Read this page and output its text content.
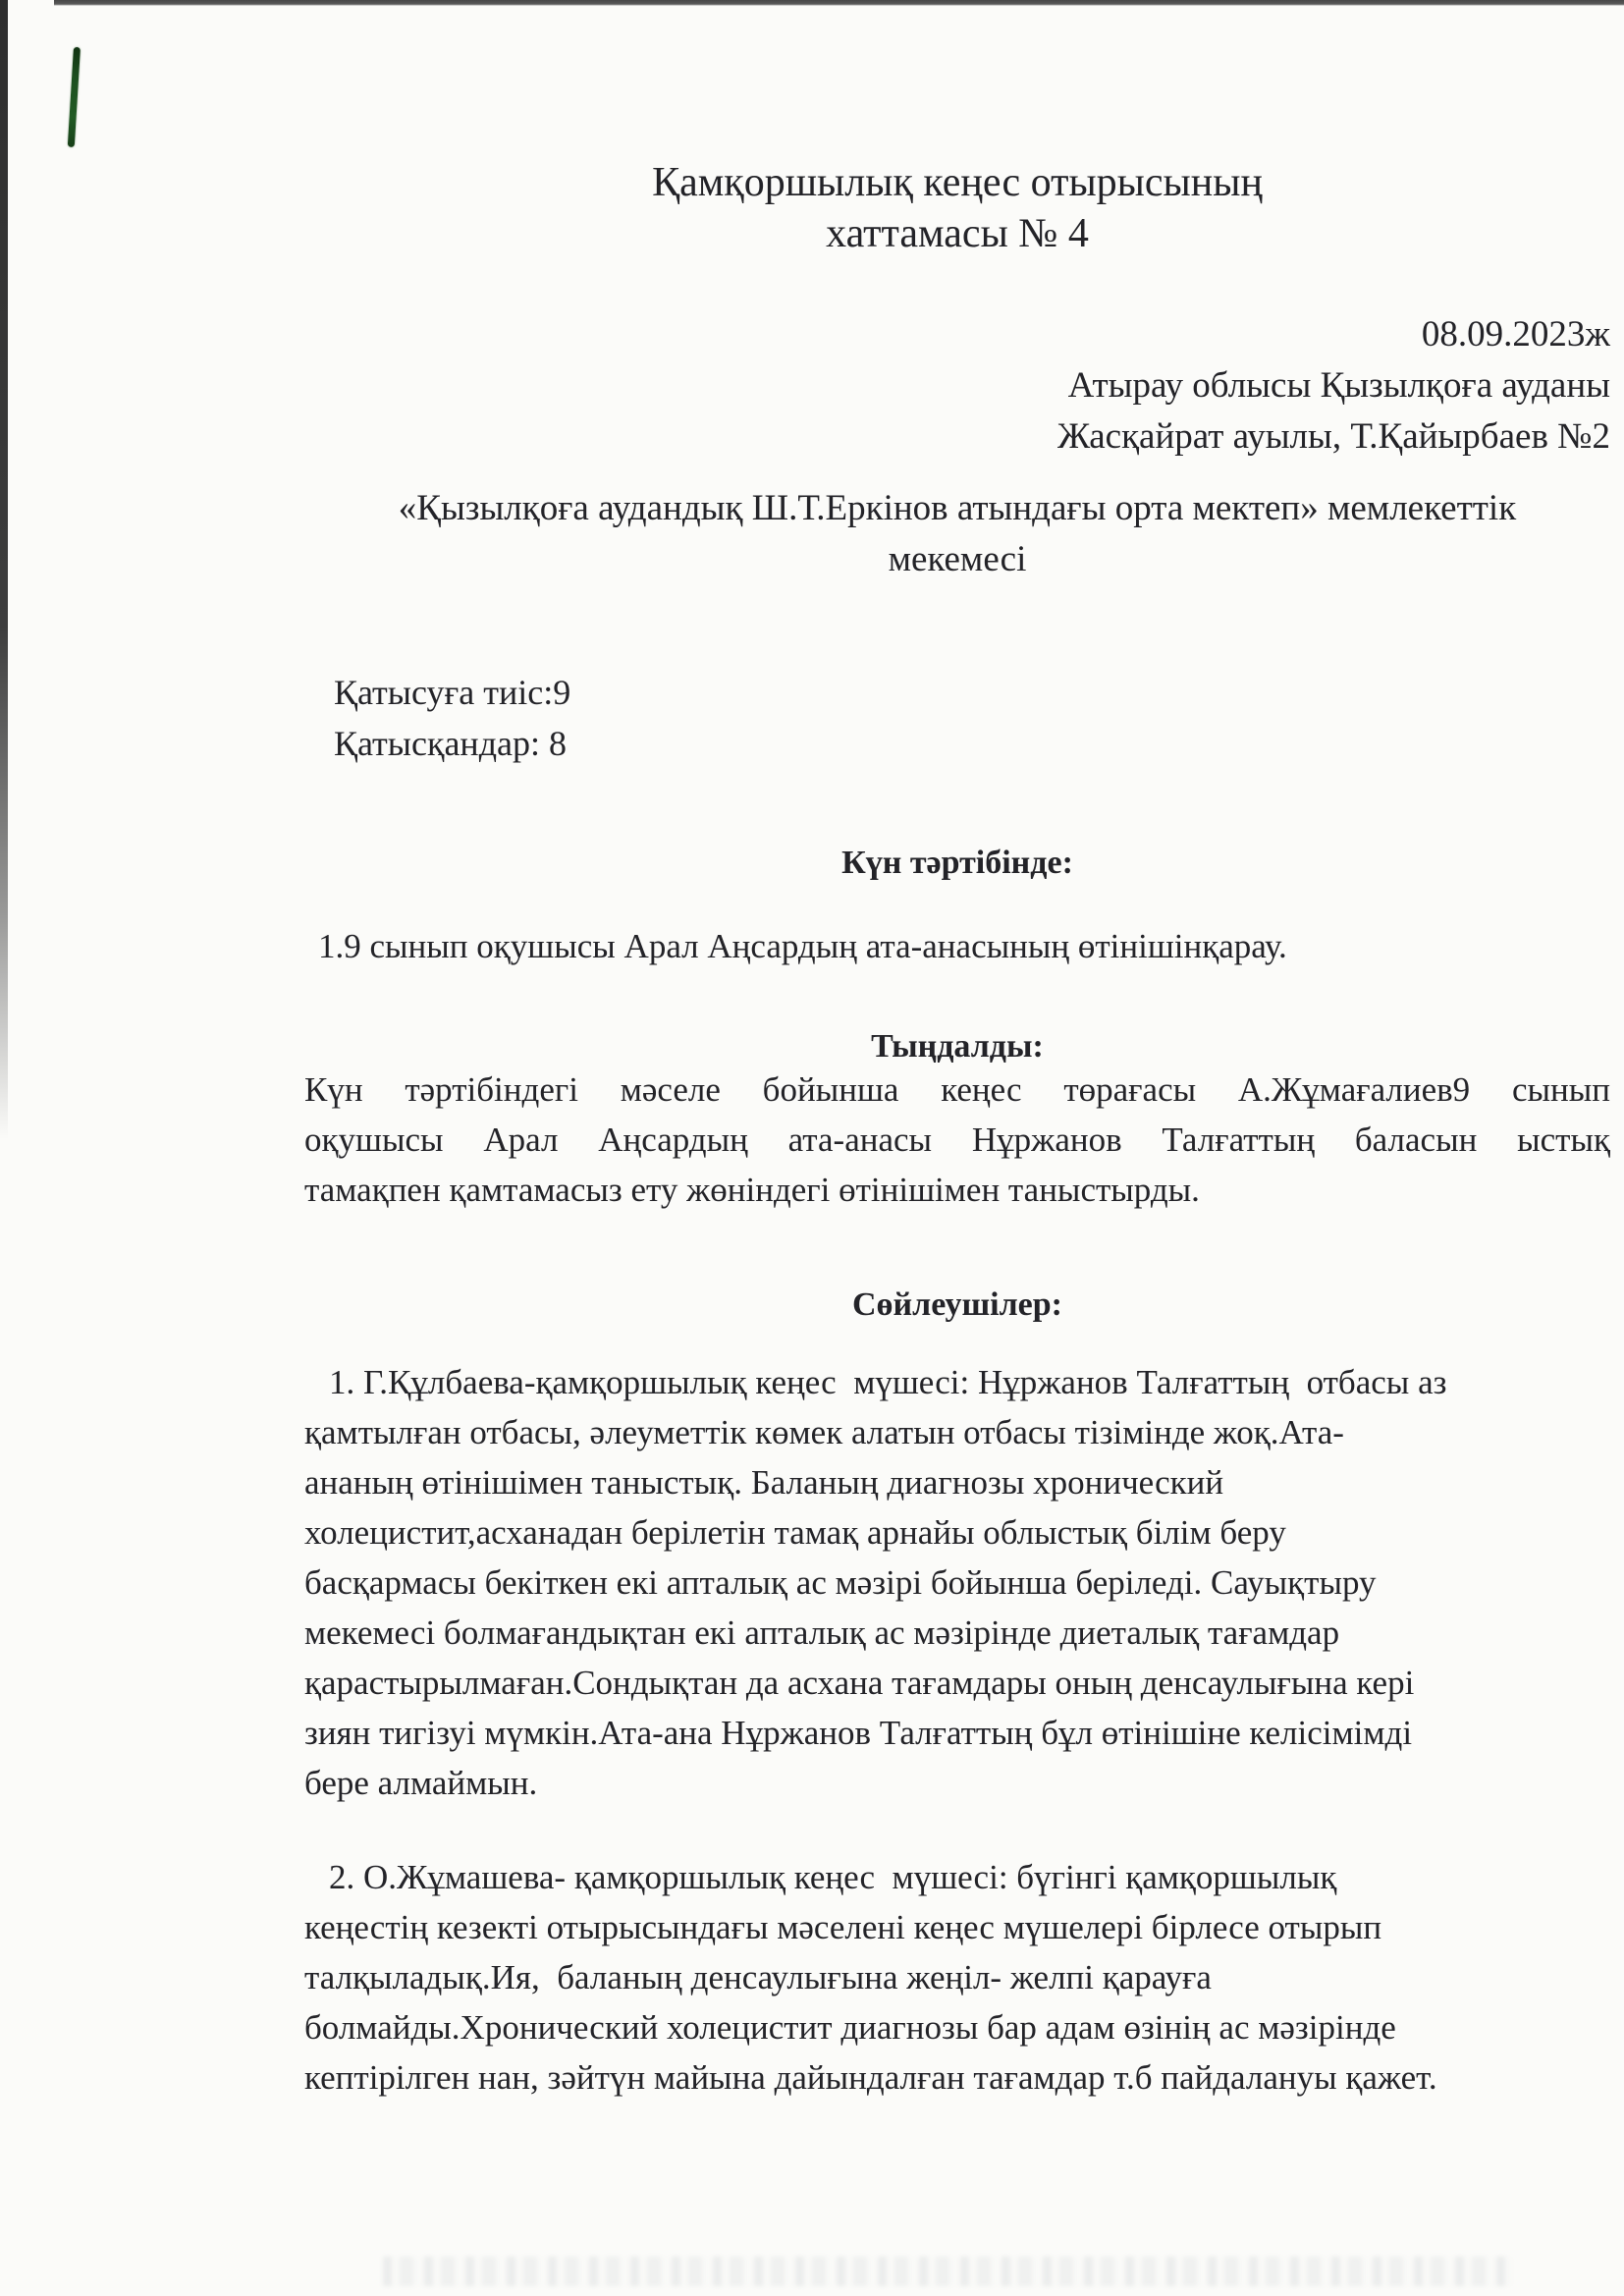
Қамқоршылық кеңес отырысының
хаттамасы № 4
08.09.2023ж
Атырау облысы Қызылқоға ауданы
Жасқайрат ауылы, Т.Қайырбаев №2
«Қызылқоға аудандық Ш.Т.Еркінов атындағы орта мектеп» мемлекеттік
мекемесі
Қатысуға тиіс:9
Қатысқандар: 8
Күн тәртібінде:
1.9 сынып оқушысы Арал Аңсардың ата-анасының өтінішінқарау.
Тыңдалды:
Күн тәртібіндегі мәселе бойынша кеңес төрағасы А.Жұмағалиев9 сынып
оқушысы Арал Аңсардың ата-анасы Нұржанов Талғаттың баласын ыстық
тамақпен қамтамасыз ету жөніндегі өтінішімен таныстырды.
Сөйлеушілер:
1. Г.Құлбаева-қамқоршылық кеңес  мүшесі: Нұржанов Талғаттың  отбасы аз
қамтылған отбасы, әлеуметтік көмек алатын отбасы тізімінде жоқ.Ата-
ананың өтінішімен таныстық. Баланың диагнозы хронический
холецистит,асханадан берілетін тамақ арнайы облыстық білім беру
басқармасы бекіткен екі апталық ас мәзірі бойынша беріледі. Сауықтыру
мекемесі болмағандықтан екі апталық ас мәзірінде диеталық тағамдар
қарастырылмаған.Сондықтан да асхана тағамдары оның денсаулығына кері
зиян тигізуі мүмкін.Ата-ана Нұржанов Талғаттың бұл өтінішіне келісімімді
бере алмаймын.
2. О.Жұмашева- қамқоршылық кеңес  мүшесі: бүгінгі қамқоршылық
кеңестің кезекті отырысындағы мәселені кеңес мүшелері бірлесе отырып
талқыладық.Ия,  баланың денсаулығына жеңіл- желпі қарауға
болмайды.Хронический холецистит диагнозы бар адам өзінің ас мәзірінде
кептірілген нан, зәйтүн майына дайындалған тағамдар т.б пайдалануы қажет.
